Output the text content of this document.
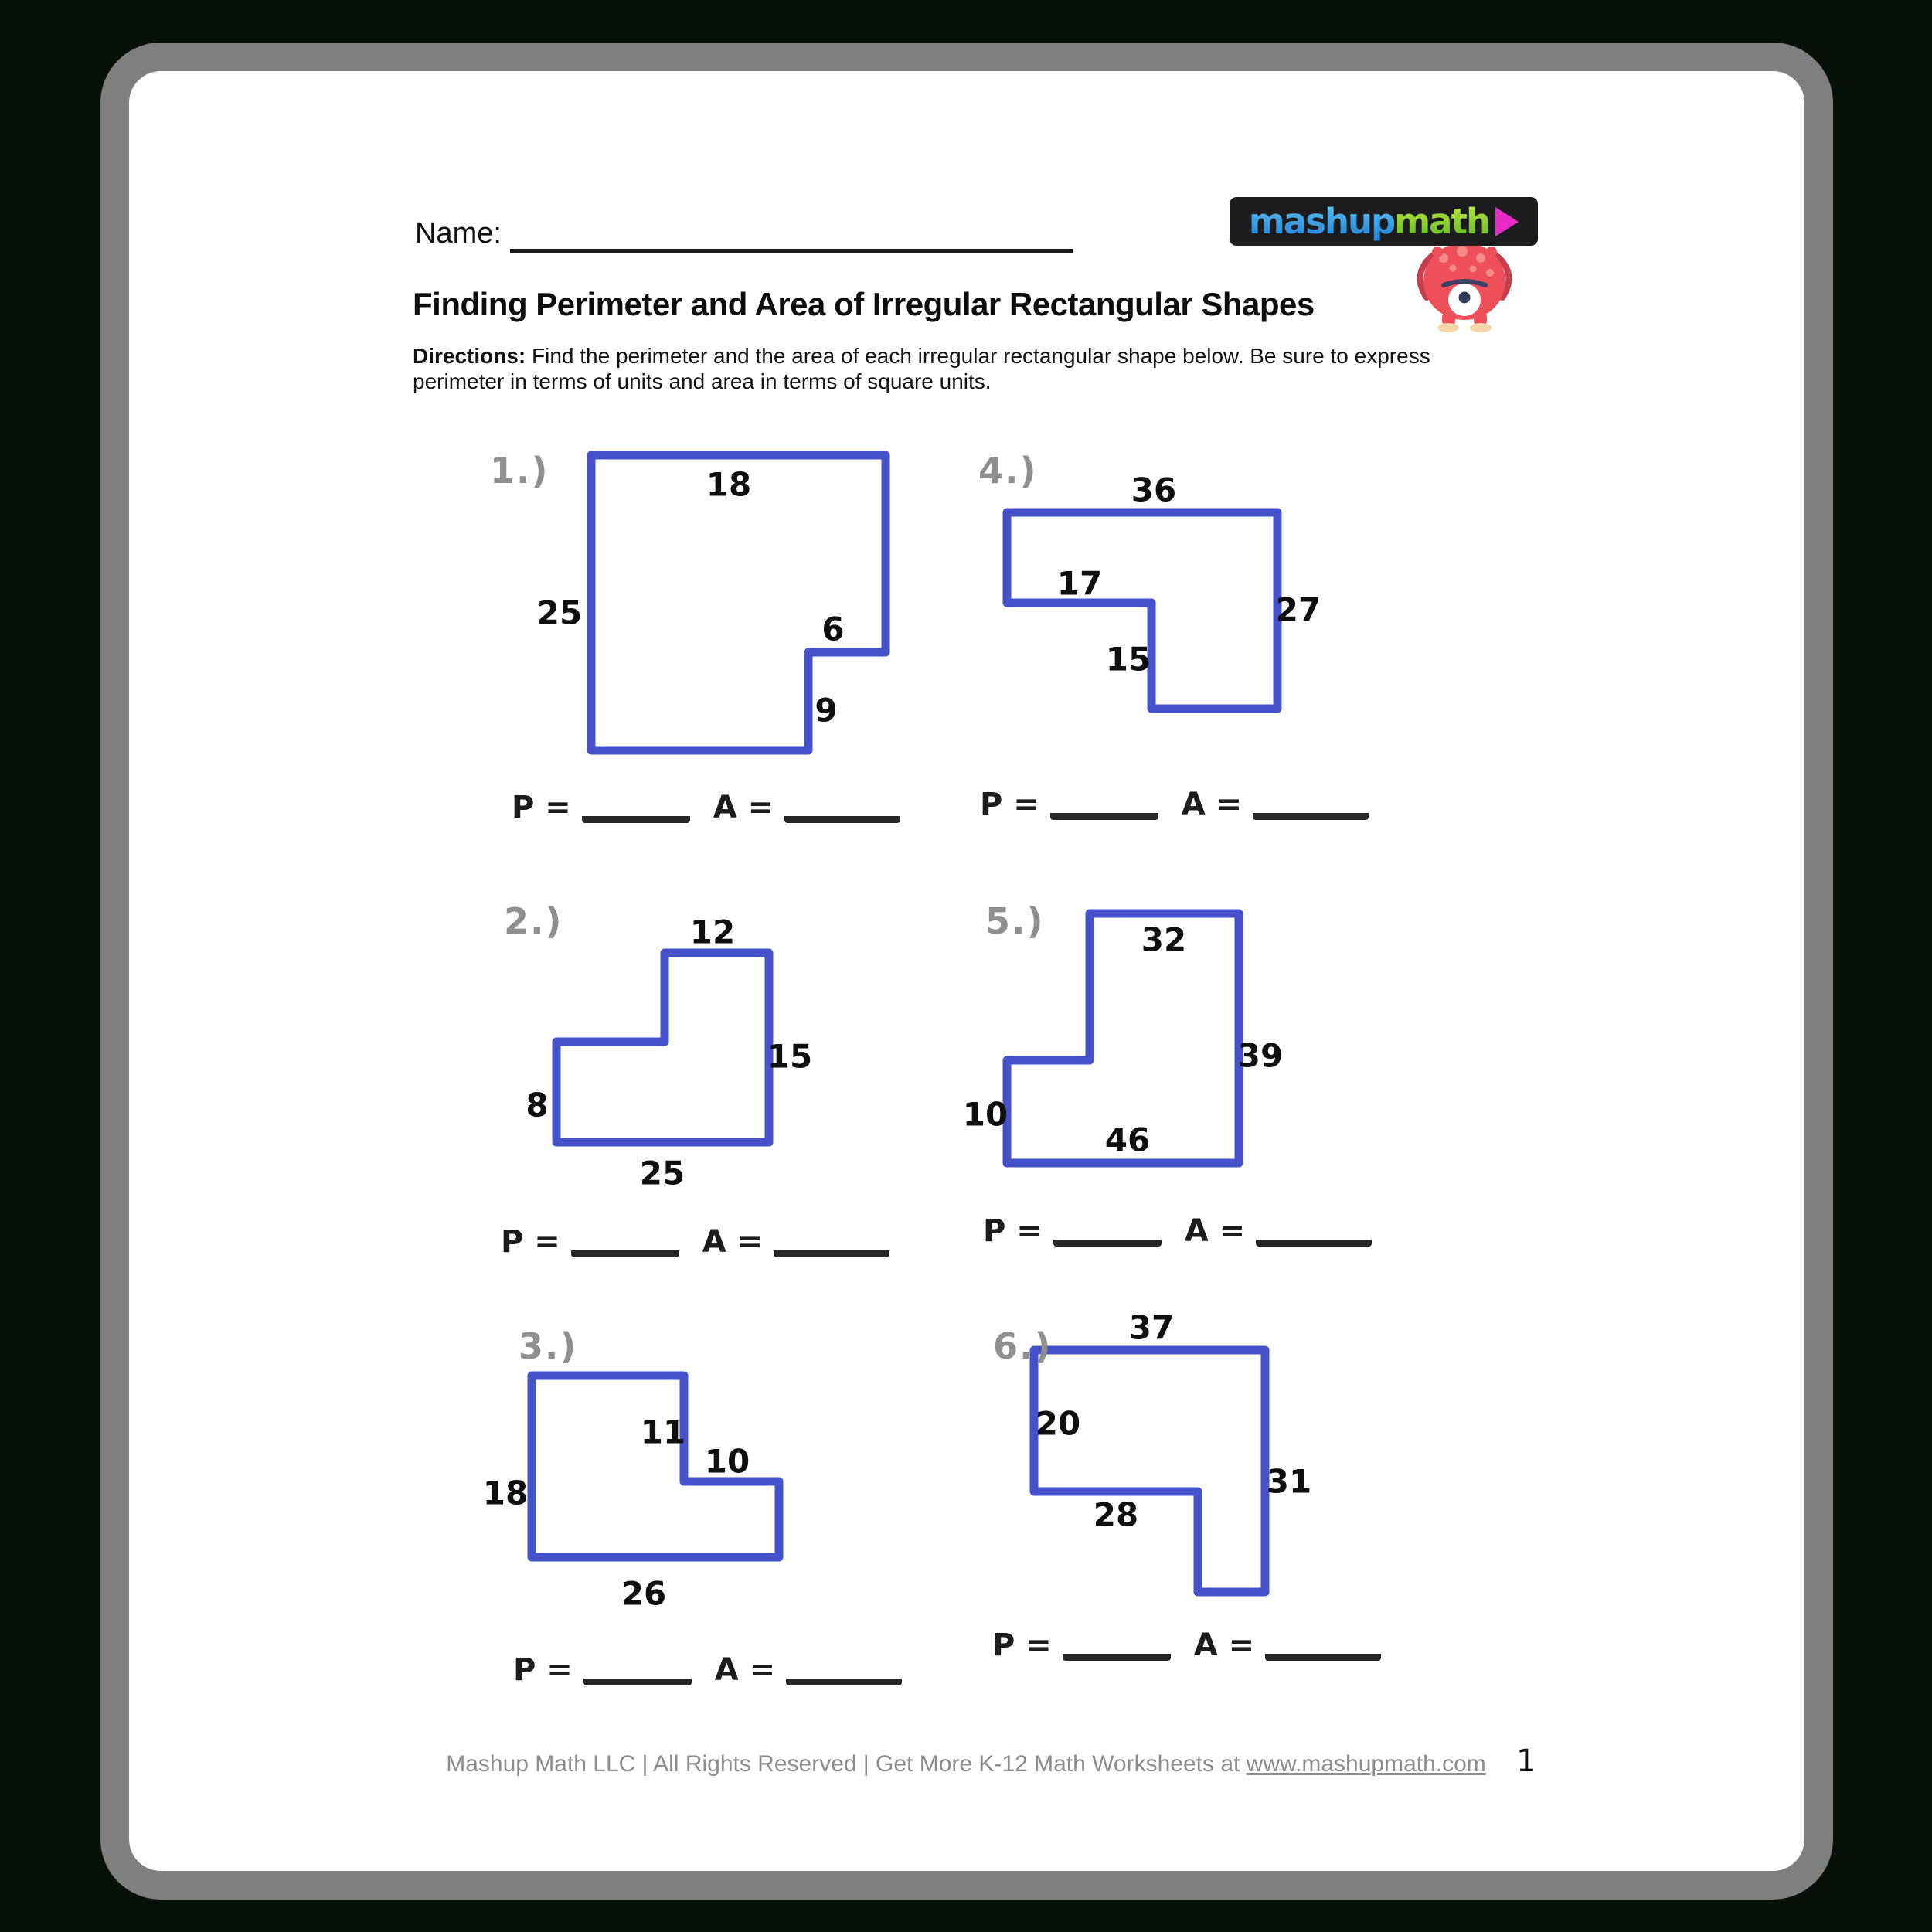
Name:
Finding Perimeter and Area of Irregular Rectangular Shapes
Directions: Find the perimeter and the area of each irregular rectangular shape below. Be sure to express
perimeter in terms of units and area in terms of square units.
mashup math
1.)	18
25	6
9
P =	A =
4.)	36
17
27
15
P =	A =
2.)	12
15
8
25
P =	A =
5.)	32
39
10
46
P =	A =
3.)
11
10
18
26
P =	A =
6.) 37
20
31
28
P =	A =
Mashup Math LLC | All Rights Reserved | Get More K-12 Math Worksheets at www.mashupmath.com 1
